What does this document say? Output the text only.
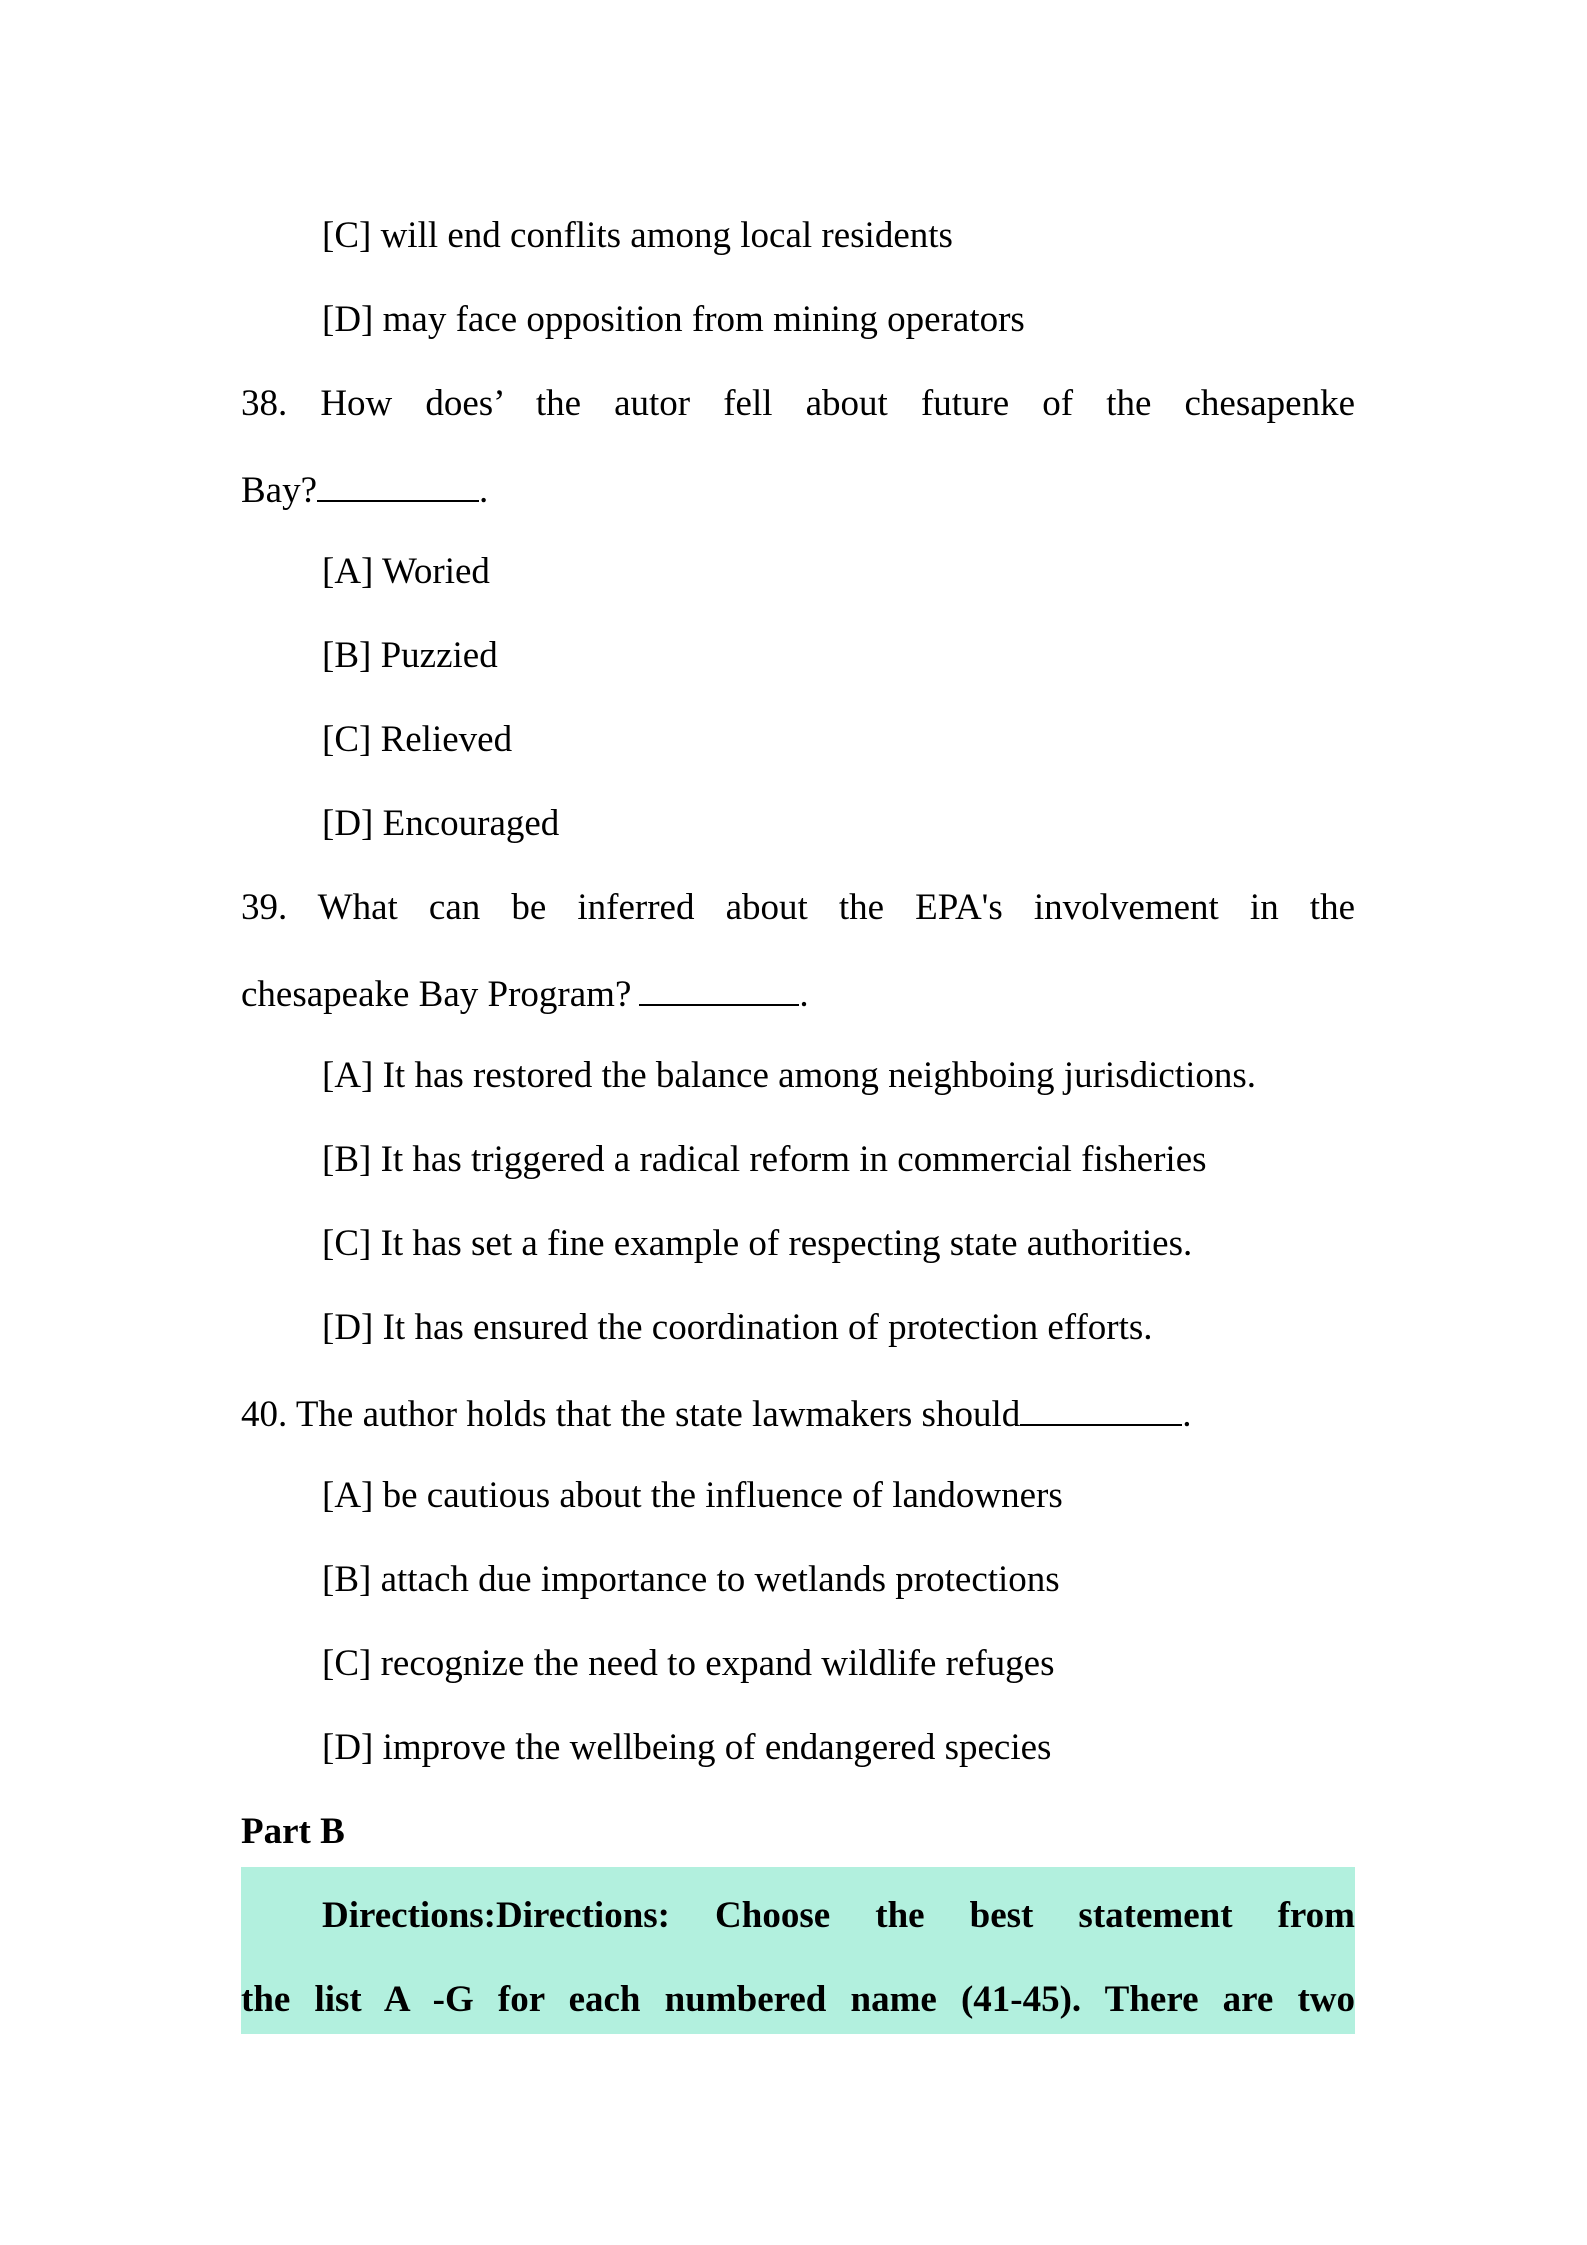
[C] will end conflits among local residents
[D] may face opposition from mining operators
38. How does’ the autor fell about future of the chesapenke
Bay?	.
[A] Woried
[B] Puzzied
[C] Relieved
[D] Encouraged
39. What can be inferred about the EPA's involvement in the
chesapeake Bay Program?	.
[A] It has restored the balance among neighboing jurisdictions.
[B] It has triggered a radical reform in commercial fisheries
[C] It has set a fine example of respecting state authorities.
[D] It has ensured the coordination of protection efforts.
40. The author holds that the state lawmakers should	.
[A] be cautious about the influence of landowners
[B] attach due importance to wetlands protections
[C] recognize the need to expand wildlife refuges
[D] improve the wellbeing of endangered species
Part B
Directions:Directions: Choose the best statement from
the list A -G for each numbered name (41-45). There are two
